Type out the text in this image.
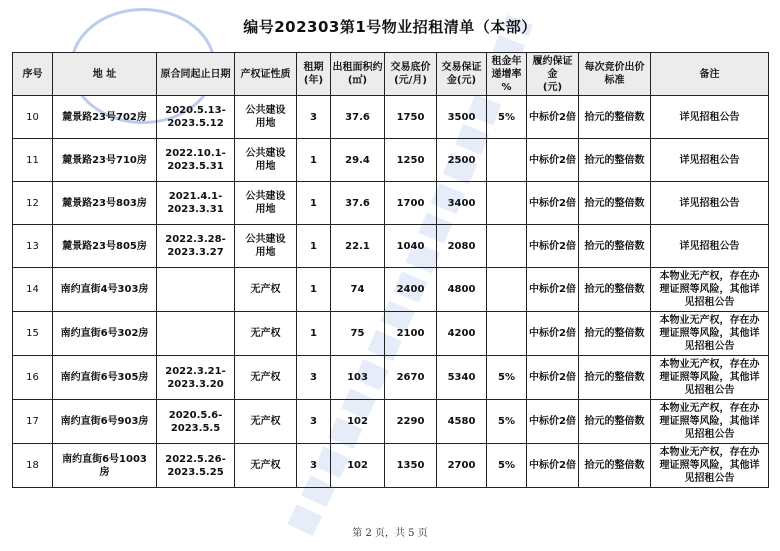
编号202303第1号物业招租清单（本部）
序号	地 址	原合同起止日期	产权证性质	租期
(年)	出租面积约
(㎡)	交易底价
(元/月)	交易保证
金(元)	租金年
递增率
%	履约保证金
(元)	每次竞价出价
标准	备注
10	麓景路23号702房	2020.5.13-
2023.5.12	公共建设
用地	3	37.6	1750	3500	5%	中标价2倍	拾元的整倍数	详见招租公告
11	麓景路23号710房	2022.10.1-
2023.5.31	公共建设
用地	1	29.4	1250	2500		中标价2倍	拾元的整倍数	详见招租公告
12	麓景路23号803房	2021.4.1-
2023.3.31	公共建设
用地	1	37.6	1700	3400		中标价2倍	拾元的整倍数	详见招租公告
13	麓景路23号805房	2022.3.28-
2023.3.27	公共建设
用地	1	22.1	1040	2080		中标价2倍	拾元的整倍数	详见招租公告
14	南约直街4号303房		无产权	1	74	2400	4800		中标价2倍	拾元的整倍数	本物业无产权，存在办
理证照等风险，其他详
见招租公告
15	南约直街6号302房		无产权	1	75	2100	4200		中标价2倍	拾元的整倍数	本物业无产权，存在办
理证照等风险，其他详
见招租公告
16	南约直街6号305房	2022.3.21-
2023.3.20	无产权	3	103	2670	5340	5%	中标价2倍	拾元的整倍数	本物业无产权，存在办
理证照等风险，其他详
见招租公告
17	南约直街6号903房	2020.5.6-
2023.5.5	无产权	3	102	2290	4580	5%	中标价2倍	拾元的整倍数	本物业无产权，存在办
理证照等风险，其他详
见招租公告
18	南约直街6号1003
房	2022.5.26-
2023.5.25	无产权	3	102	1350	2700	5%	中标价2倍	拾元的整倍数	本物业无产权，存在办
理证照等风险，其他详
见招租公告
第 2 页，共 5 页
